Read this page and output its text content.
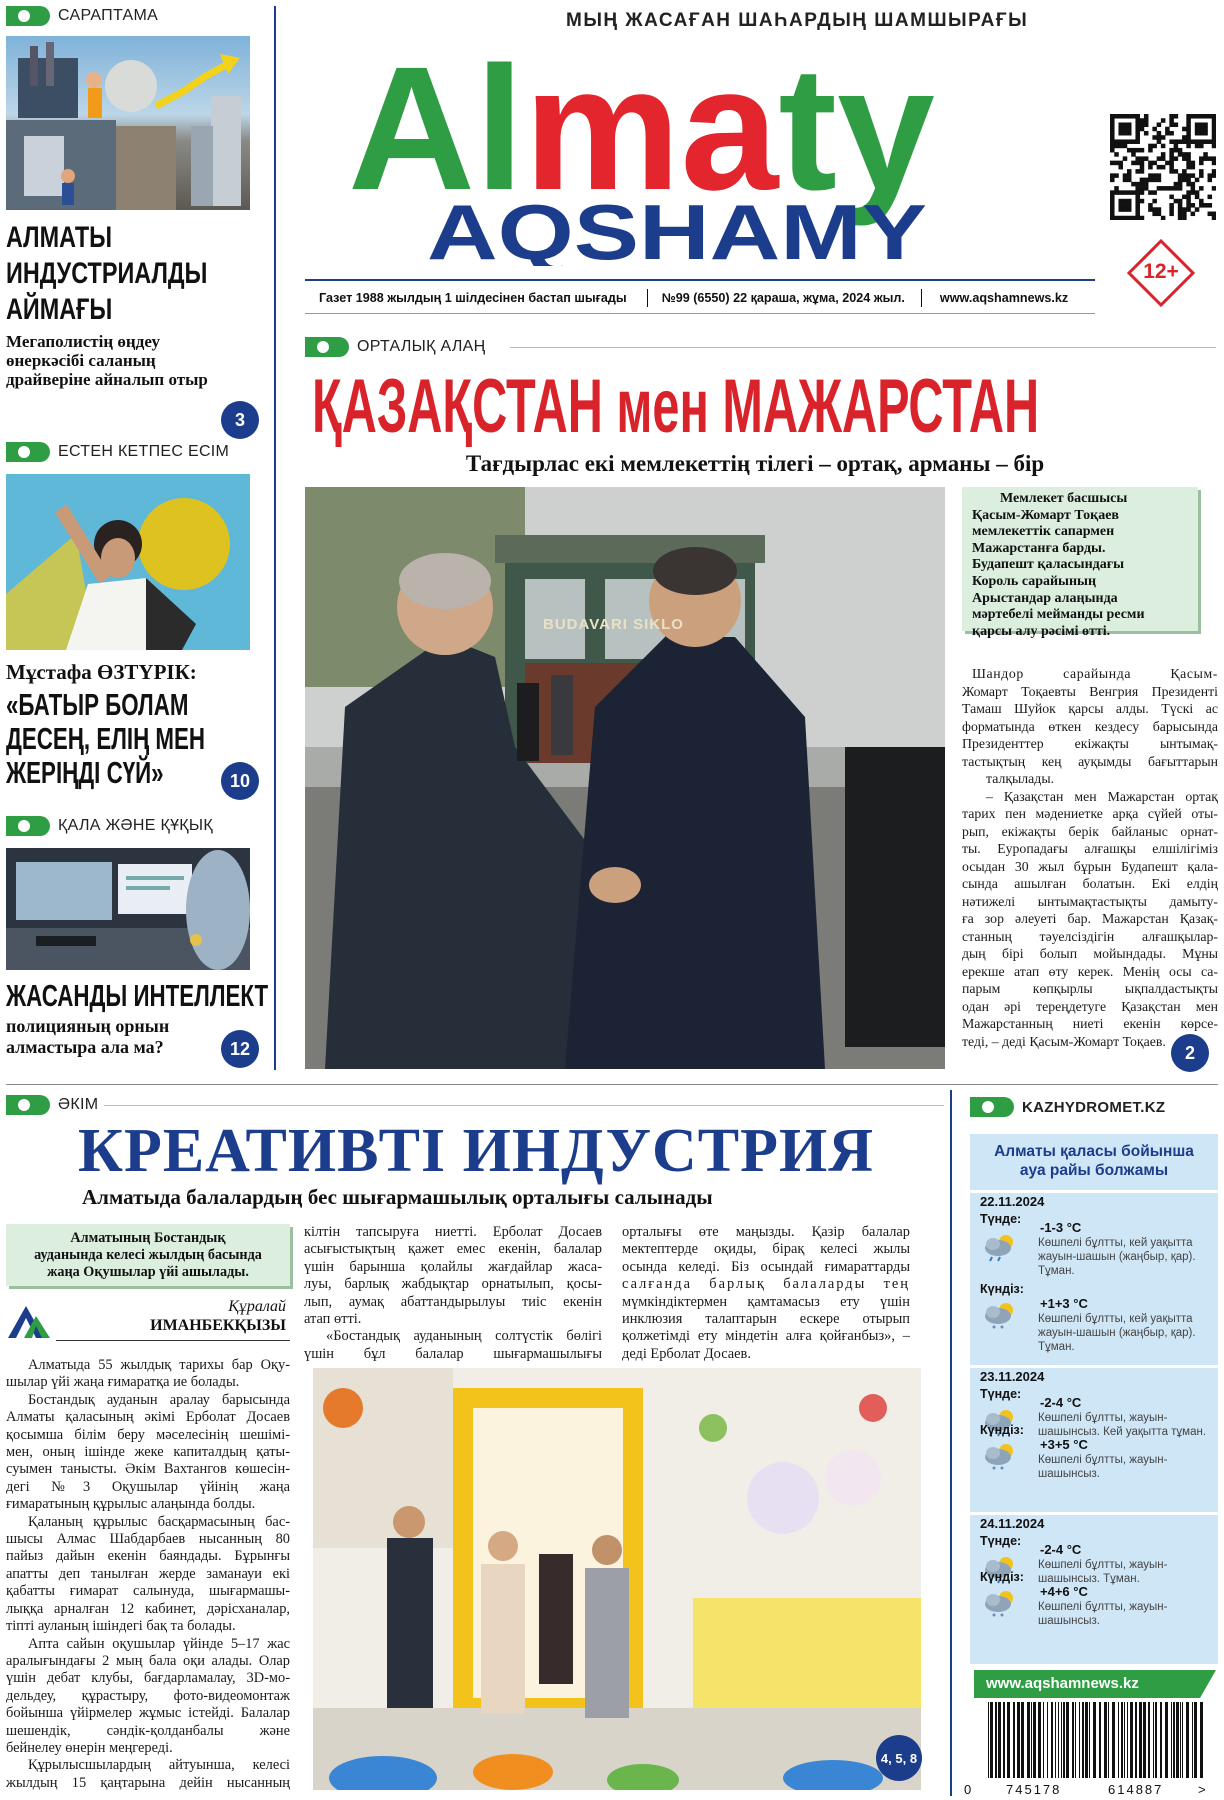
САРАПТАМА
АЛМАТЫ
ИНДУСТРИАЛДЫ
АЙМАҒЫ
Мегаполистің өңдеу
өнеркәсібі саланың
драйверіне айналып отыр
3
ЕСТЕН КЕТПЕС ЕСІМ
Мұстафа ӨЗТҮРІК:
«БАТЫР БОЛАМ
ДЕСЕҢ, ЕЛІҢ МЕН
ЖЕРІҢДІ СҮЙ»	10
ҚАЛА ЖӘНЕ ҚҰҚЫҚ
ЖАСАНДЫ ИНТЕЛЛЕКТ
полицияның орнын
алмастыра ала ма?	12
МЫҢ ЖАСАҒАН ШАҺАРДЫҢ ШАМШЫРАҒЫ
Almaty
AQSHAMY	12+
Газет 1988 жылдың 1 шілдесінен бастап шығады	№99 (6550) 22 қараша, жұма, 2024 жыл.	www.aqshamnews.kz
ОРТАЛЫҚ АЛАҢ
ҚАЗАҚСТАН мен МАЖАРСТАН
Тағдырлас екі мемлекеттің тілегі – ортақ, арманы – бір
BUDAVARI SIKLO
Мемлекет басшысы
Қасым-Жомарт Тоқаев
мемлекеттік сапармен
Мажарстанға барды.
Будапешт қаласындағы
Король сарайының
Арыстандар алаңында
мәртебелі мейманды ресми
қарсы алу рәсімі өтті.
Шандор сарайында Қасым-
Жомарт Тоқаевты Венгрия Президенті
Тамаш Шуйок қарсы алды. Түскі ас
форматында өткен кездесу барысында
Президенттер екіжақты ынтымақ-
тастықтың кең ауқымды бағыттарын
талқылады.
– Қазақстан мен Мажарстан ортақ
тарих пен мәдениетке арқа сүйей оты-
рып, екіжақты берік байланыс орнат-
ты. Еуропадағы алғашқы елшілігіміз
осыдан 30 жыл бұрын Будапешт қала-
сында ашылған болатын. Екі елдің
нәтижелі ынтымақтастықты дамыту-
ға зор әлеуеті бар. Мажарстан Қазақ-
станның тәуелсіздігін алғашқылар-
дың бірі болып мойындады. Мұны
ерекше атап өту керек. Менің осы са-
парым көпқырлы ықпалдастықты
одан әрі тереңдетуге Қазақстан мен
Мажарстанның ниеті екенін көрсе-
теді, – деді Қасым-Жомарт Тоқаев.
2
ӘКІМ
КРЕАТИВТІ ИНДУСТРИЯ
Алматыда балалардың бес шығармашылық орталығы салынады
Алматының Бостандық
ауданында келесі жылдың басында
жаңа Оқушылар үйі ашылады.
Құралай
ИМАНБЕКҚЫЗЫ
Алматыда 55 жылдық тарихы бар Оқу-
шылар үйі жаңа ғимаратқа ие болады.
Бостандық ауданын аралау барысында
Алматы қаласының әкімі Ерболат Досаев
қосымша білім беру мәселесінің шешімі-
мен, оның ішінде жеке капиталдың қаты-
суымен танысты. Әкім Вахтангов көшесін-
дегі №3 Оқушылар үйінің жаңа
ғимаратының құрылыс алаңында болды.
Қаланың құрылыс басқармасының бас-
шысы Алмас Шабдарбаев нысанның 80
пайыз дайын екенін баяндады. Бұрынғы
апатты деп танылған жерде заманауи екі
қабатты ғимарат салынуда, шығармашы-
лыққа арналған 12 кабинет, дәрісханалар,
тіпті ауланың ішіндегі бақ та болады.
Апта сайын оқушылар үйінде 5–17 жас
аралығындағы 2 мың бала оқи алады. Олар
үшін дебат клубы, бағдарламалау, 3D-мо-
дельдеу, құрастыру, фото-видеомонтаж
бойынша үйірмелер жұмыс істейді. Балалар
шешендік, сәндік-қолданбалы және
бейнелеу өнерін меңгереді.
Құрылысшылардың айтуынша, келесі
жылдың 15 қаңтарына дейін нысанның
кілтін тапсыруға ниетті. Ерболат Досаев
асығыстықтың қажет емес екенін, балалар
үшін барынша қолайлы жағдайлар жаса-
луы, барлық жабдықтар орнатылып, қосы-
лып, аумақ абаттандырылуы тиіс екенін
атап өтті.
«Бостандық ауданының солтүстік бөлігі
үшін бұл балалар шығармашылығы
орталығы өте маңызды. Қазір балалар
мектептерде оқиды, бірақ келесі жылы
осында келеді. Біз осындай ғимараттарды
салғанда барлық балаларды тең
мүмкіндіктермен қамтамасыз ету үшін
инклюзия талаптарын ескере отырып
қолжетімді ету міндетін алға қойғанбыз», –
деді Ерболат Досаев.
4, 5, 8
KAZHYDROMET.KZ
Алматы қаласы бойынша
ауа райы болжамы
22.11.2024
Түнде:
-1-3 °С
Көшпелі бұлтты, кей уақытта жауын-шашын (жаңбыр, қар). Тұман.
Күндіз:
+1+3 °С
Көшпелі бұлтты, кей уақытта жауын-шашын (жаңбыр, қар). Тұман.
23.11.2024
Түнде:
-2-4 °С
Көшпелі бұлтты, жауын-шашынсыз. Кей уақытта тұман.
Күндіз:
+3+5 °С
Көшпелі бұлтты, жауын-шашынсыз.
24.11.2024
Түнде:
-2-4 °С
Көшпелі бұлтты, жауын-шашынсыз. Тұман.
Күндіз:
+4+6 °С
Көшпелі бұлтты, жауын-шашынсыз.
www.aqshamnews.kz
0	745178	614887	>
